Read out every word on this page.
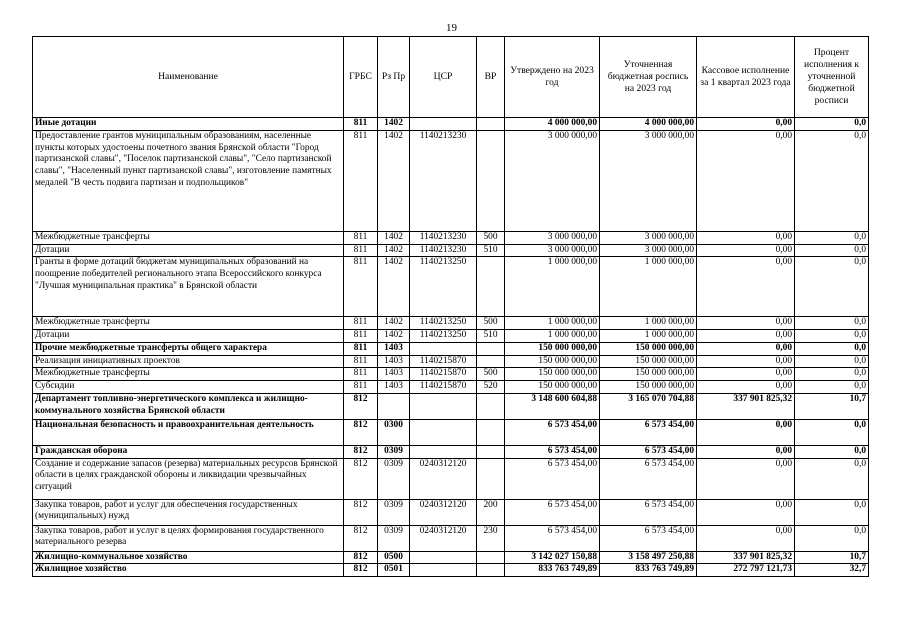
19
Наименование	ГРБС	Рз Пр	ЦСР	ВР	Утверждено на 2023 год	Уточненная бюджетная роспись на 2023 год	Кассовое исполнение за 1 квартал 2023 года	Процент исполнения к уточненной бюджетной росписи
Иные дотации	811	1402			4 000 000,00	4 000 000,00	0,00	0,0
Предоставление грантов муниципальным образованиям, населенные пункты которых удостоены почетного звания Брянской области "Город партизанской славы", "Поселок партизанской славы", "Село партизанской славы", "Населенный пункт партизанской славы", изготовление памятных медалей "В честь подвига партизан и подпольщиков"	811	1402	1140213230		3 000 000,00	3 000 000,00	0,00	0,0
Межбюджетные трансферты	811	1402	1140213230	500	3 000 000,00	3 000 000,00	0,00	0,0
Дотации	811	1402	1140213230	510	3 000 000,00	3 000 000,00	0,00	0,0
Гранты в форме дотаций бюджетам муниципальных образований на поощрение победителей регионального этапа Всероссийского конкурса "Лучшая муниципальная практика" в Брянской области	811	1402	1140213250		1 000 000,00	1 000 000,00	0,00	0,0
Межбюджетные трансферты	811	1402	1140213250	500	1 000 000,00	1 000 000,00	0,00	0,0
Дотации	811	1402	1140213250	510	1 000 000,00	1 000 000,00	0,00	0,0
Прочие межбюджетные трансферты общего характера	811	1403			150 000 000,00	150 000 000,00	0,00	0,0
Реализация инициативных проектов	811	1403	1140215870		150 000 000,00	150 000 000,00	0,00	0,0
Межбюджетные трансферты	811	1403	1140215870	500	150 000 000,00	150 000 000,00	0,00	0,0
Субсидии	811	1403	1140215870	520	150 000 000,00	150 000 000,00	0,00	0,0
Департамент топливно-энергетического комплекса и жилищно-коммунального хозяйства Брянской области	812				3 148 600 604,88	3 165 070 704,88	337 901 825,32	10,7
Национальная безопасность и правоохранительная деятельность	812	0300			6 573 454,00	6 573 454,00	0,00	0,0
Гражданская оборона	812	0309			6 573 454,00	6 573 454,00	0,00	0,0
Создание и содержание запасов (резерва) материальных ресурсов Брянской области в целях гражданской обороны и ликвидации чрезвычайных ситуаций	812	0309	0240312120		6 573 454,00	6 573 454,00	0,00	0,0
Закупка товаров, работ и услуг для обеспечения государственных (муниципальных) нужд	812	0309	0240312120	200	6 573 454,00	6 573 454,00	0,00	0,0
Закупка товаров, работ и услуг в целях формирования государственного материального резерва	812	0309	0240312120	230	6 573 454,00	6 573 454,00	0,00	0,0
Жилищно-коммунальное хозяйство	812	0500			3 142 027 150,88	3 158 497 250,88	337 901 825,32	10,7
Жилищное хозяйство	812	0501			833 763 749,89	833 763 749,89	272 797 121,73	32,7
